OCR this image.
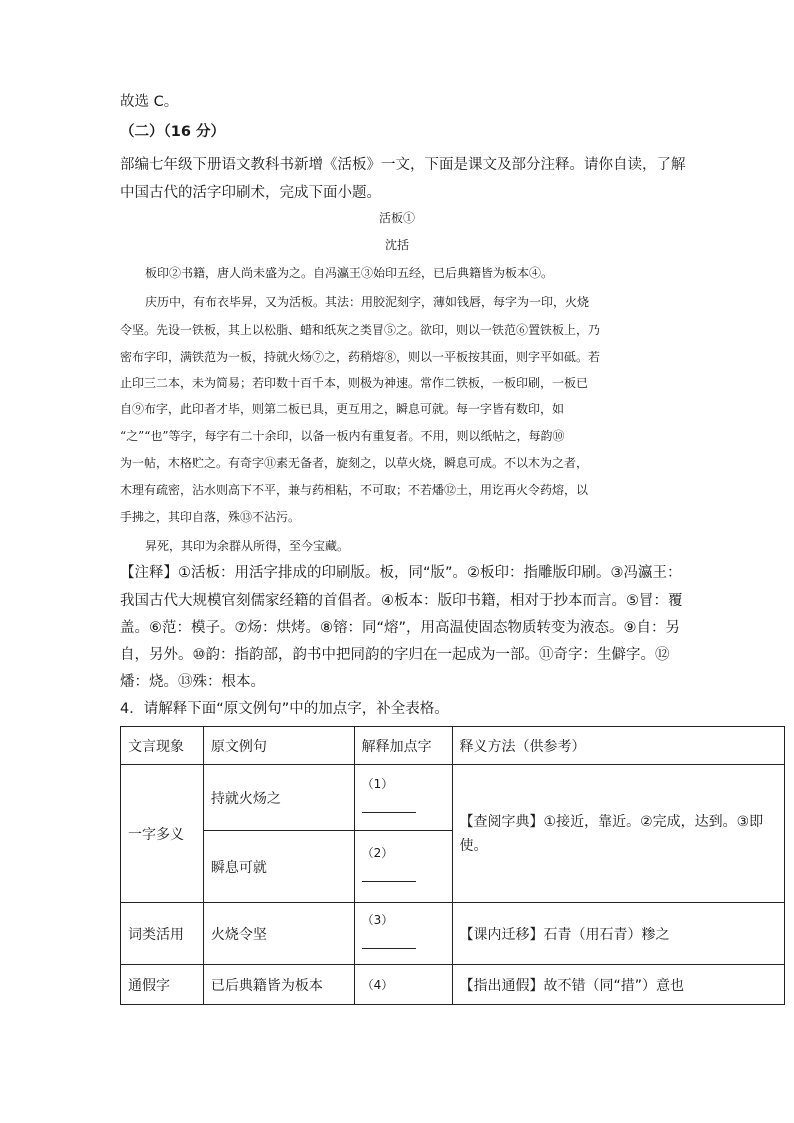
故选 C。
（二）（16 分）
部编七年级下册语文教科书新增《活板》一文，下面是课文及部分注释。请你自读，了解
中国古代的活字印刷术，完成下面小题。
活板①
沈括
板印②书籍，唐人尚未盛为之。自冯瀛王③始印五经，已后典籍皆为板本④。
庆历中，有布衣毕昇，又为活板。其法：用胶泥刻字，薄如钱唇，每字为一印，火烧
令坚。先设一铁板，其上以松脂、蜡和纸灰之类冒⑤之。欲印，则以一铁范⑥置铁板上，乃
密布字印，满铁范为一板，持就火炀⑦之，药稍熔⑧，则以一平板按其面，则字平如砥。若
止印三二本，未为简易；若印数十百千本，则极为神速。常作二铁板，一板印刷，一板已
自⑨布字，此印者才毕，则第二板已具，更互用之，瞬息可就。每一字皆有数印，如
“之”“也”等字，每字有二十余印，以备一板内有重复者。不用，则以纸帖之，每韵⑩
为一帖，木格贮之。有奇字⑪素无备者，旋刻之，以草火烧，瞬息可成。不以木为之者，
木理有疏密，沾水则高下不平，兼与药相粘，不可取；不若燔⑫土，用讫再火令药熔，以
手拂之，其印自落，殊⑬不沾污。
昇死，其印为余群从所得，至今宝藏。
【注释】①活板：用活字排成的印刷版。板，同“版”。②板印：指雕版印刷。③冯瀛王：
我国古代大规模官刻儒家经籍的首倡者。④板本：版印书籍，相对于抄本而言。⑤冒：覆
盖。⑥范：模子。⑦炀：烘烤。⑧镕：同“熔”，用高温使固态物质转变为液态。⑨自：另
自，另外。⑩韵：指韵部，韵书中把同韵的字归在一起成为一部。⑪奇字：生僻字。⑫
燔：烧。⑬殊：根本。
4．请解释下面“原文例句”中的加点字，补全表格。
文言现象	原文例句	解释加点字	释义方法（供参考）
一字多义	持就火炀之	（1）	【查阅字典】①接近，靠近。②完成，达到。③即使。
	瞬息可就	（2）	

词类活用	火烧令坚	（3）	【课内迁移】石青（用石青）糁之
通假字	已后典籍皆为板本	（4）	【指出通假】故不错（同“措”）意也
